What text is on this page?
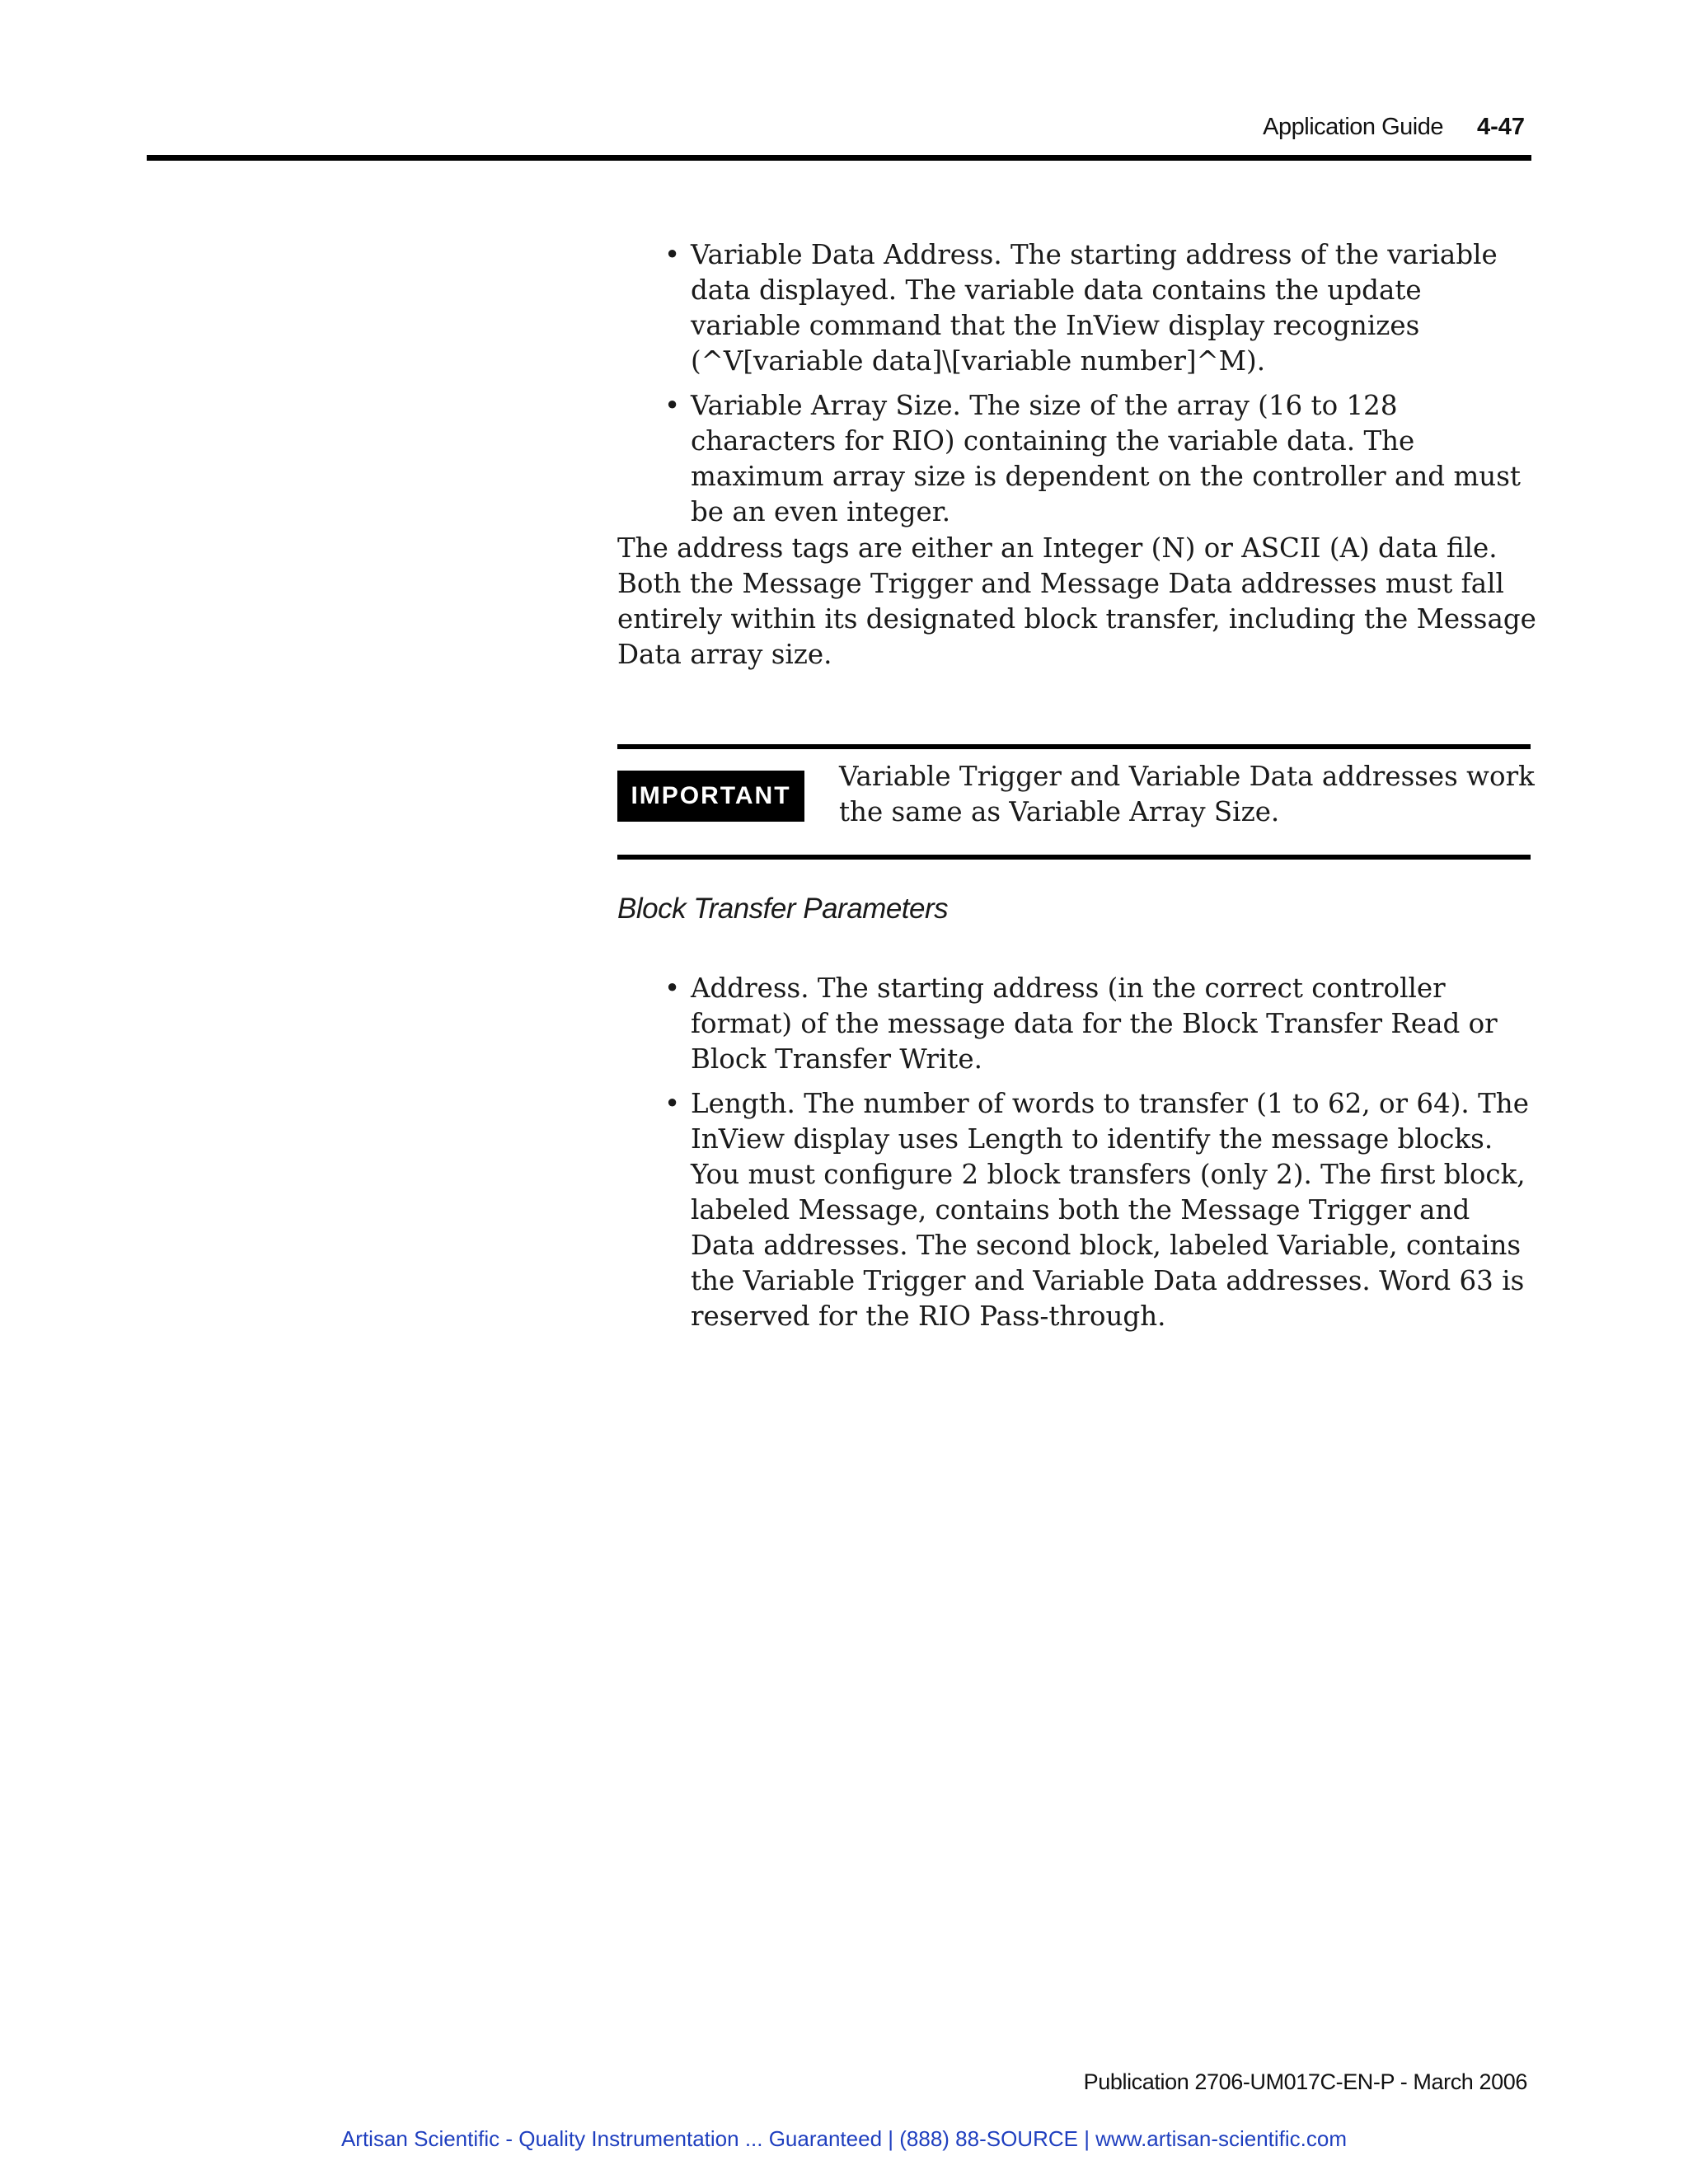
Application Guide 4-47
• Variable Data Address. The starting address of the variable data displayed. The variable data contains the update variable command that the InView display recognizes (^V[variable data]\[variable number]^M).
• Variable Array Size. The size of the array (16 to 128 characters for RIO) containing the variable data. The maximum array size is dependent on the controller and must be an even integer.

The address tags are either an Integer (N) or ASCII (A) data file. Both the Message Trigger and Message Data addresses must fall entirely within its designated block transfer, including the Message Data array size.

IMPORTANT

Variable Trigger and Variable Data addresses work the same as Variable Array Size.

Block Transfer Parameters
• Address. The starting address (in the correct controller format) of the message data for the Block Transfer Read or Block Transfer Write.
• Length. The number of words to transfer (1 to 62, or 64). The InView display uses Length to identify the message blocks. You must configure 2 block transfers (only 2). The first block, labeled Message, contains both the Message Trigger and Data addresses. The second block, labeled Variable, contains the Variable Trigger and Variable Data addresses. Word 63 is reserved for the RIO Pass-through.
Publication 2706-UM017C-EN-P - March 2006
Artisan Scientific - Quality Instrumentation ... Guaranteed | (888) 88-SOURCE | www.artisan-scientific.com
